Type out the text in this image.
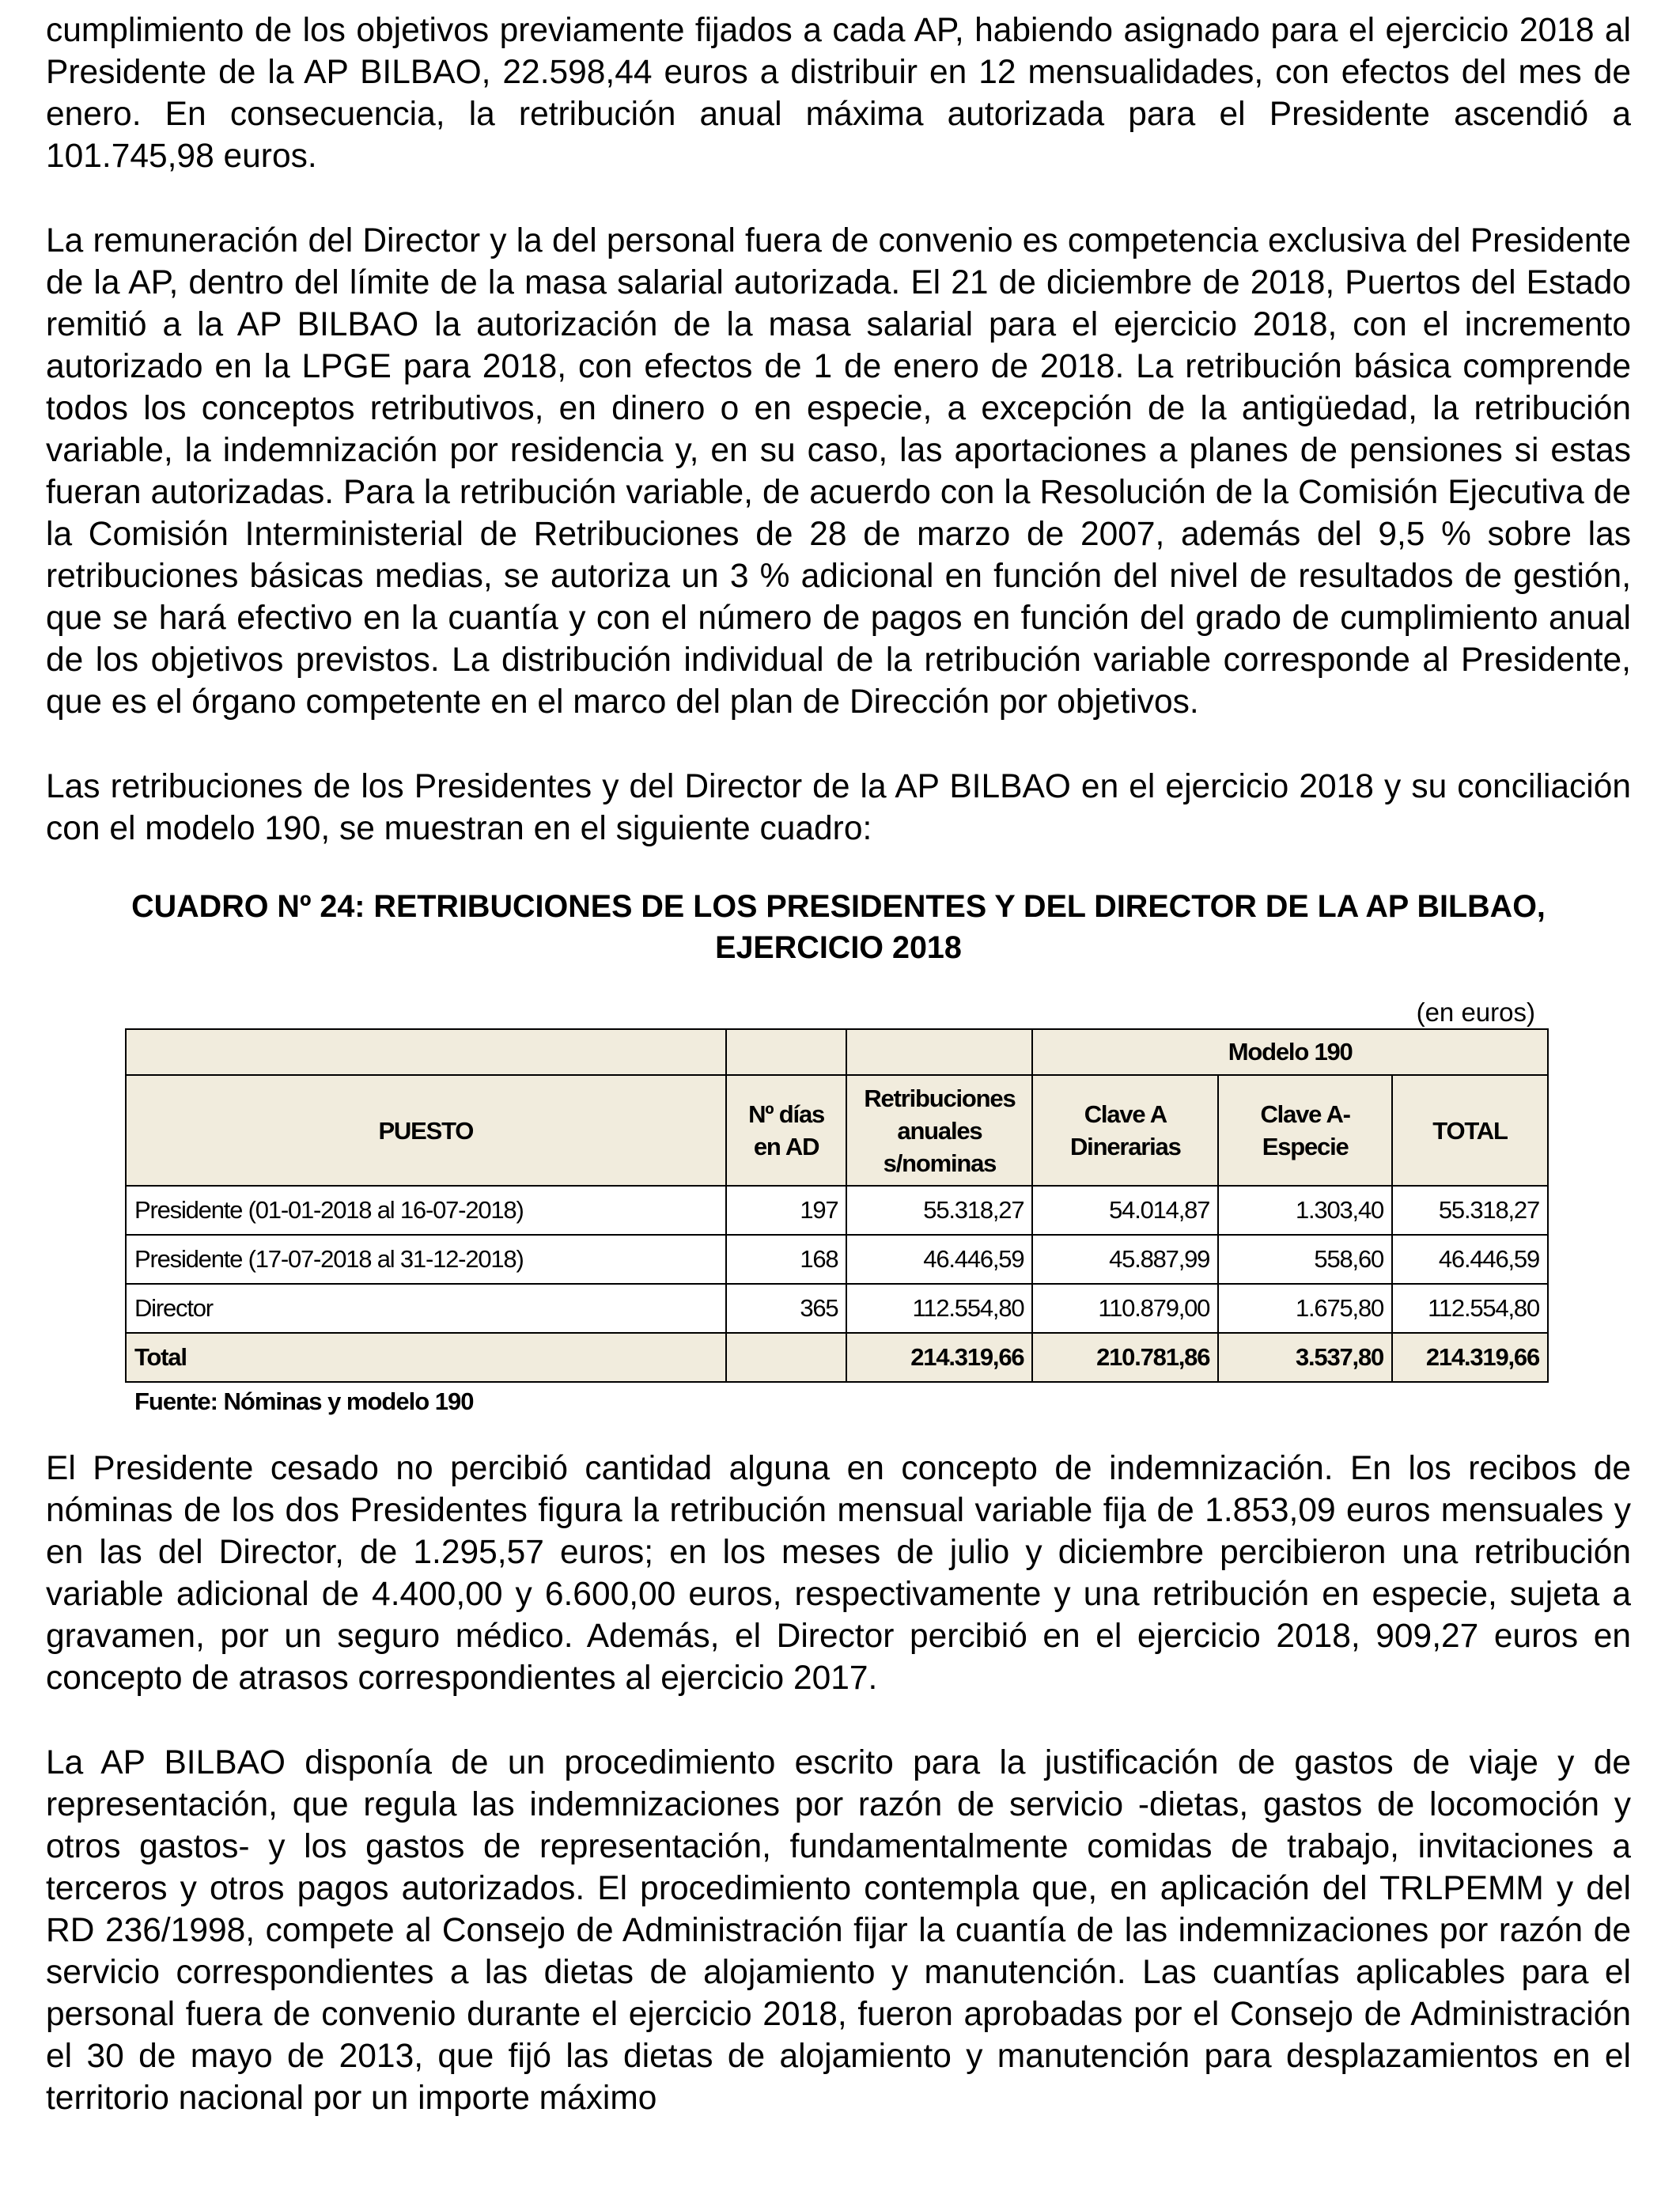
cumplimiento de los objetivos previamente fijados a cada AP, habiendo asignado para el ejercicio 2018 al Presidente de la AP BILBAO, 22.598,44 euros a distribuir en 12 mensualidades, con efectos del mes de enero. En consecuencia, la retribución anual máxima autorizada para el Presidente ascendió a 101.745,98 euros.

La remuneración del Director y la del personal fuera de convenio es competencia exclusiva del Presidente de la AP, dentro del límite de la masa salarial autorizada. El 21 de diciembre de 2018, Puertos del Estado remitió a la AP BILBAO la autorización de la masa salarial para el ejercicio 2018, con el incremento autorizado en la LPGE para 2018, con efectos de 1 de enero de 2018. La retribución básica comprende todos los conceptos retributivos, en dinero o en especie, a excepción de la antigüedad, la retribución variable, la indemnización por residencia y, en su caso, las aportaciones a planes de pensiones si estas fueran autorizadas. Para la retribución variable, de acuerdo con la Resolución de la Comisión Ejecutiva de la Comisión Interministerial de Retribuciones de 28 de marzo de 2007, además del 9,5 % sobre las retribuciones básicas medias, se autoriza un 3 % adicional en función del nivel de resultados de gestión, que se hará efectivo en la cuantía y con el número de pagos en función del grado de cumplimiento anual de los objetivos previstos. La distribución individual de la retribución variable corresponde al Presidente, que es el órgano competente en el marco del plan de Dirección por objetivos.

Las retribuciones de los Presidentes y del Director de la AP BILBAO en el ejercicio 2018 y su conciliación con el modelo 190, se muestran en el siguiente cuadro:

CUADRO Nº 24: RETRIBUCIONES DE LOS PRESIDENTES Y DEL DIRECTOR DE LA AP BILBAO, EJERCICIO 2018

(en euros)

			Modelo 190		
PUESTO	Nº días en AD	Retribuciones anuales s/nominas	Clave A Dinerarias	Clave A- Especie	TOTAL
Presidente (01-01-2018 al 16-07-2018)	197	55.318,27	54.014,87	1.303,40	55.318,27
Presidente (17-07-2018 al 31-12-2018)	168	46.446,59	45.887,99	558,60	46.446,59
Director	365	112.554,80	110.879,00	1.675,80	112.554,80
Total		214.319,66	210.781,86	3.537,80	214.319,66
Fuente: Nóminas y modelo 190

El Presidente cesado no percibió cantidad alguna en concepto de indemnización. En los recibos de nóminas de los dos Presidentes figura la retribución mensual variable fija de 1.853,09 euros mensuales y en las del Director, de 1.295,57 euros; en los meses de julio y diciembre percibieron una retribución variable adicional de 4.400,00 y 6.600,00 euros, respectivamente y una retribución en especie, sujeta a gravamen, por un seguro médico. Además, el Director percibió en el ejercicio 2018, 909,27 euros en concepto de atrasos correspondientes al ejercicio 2017.

La AP BILBAO disponía de un procedimiento escrito para la justificación de gastos de viaje y de representación, que regula las indemnizaciones por razón de servicio -dietas, gastos de locomoción y otros gastos- y los gastos de representación, fundamentalmente comidas de trabajo, invitaciones a terceros y otros pagos autorizados. El procedimiento contempla que, en aplicación del TRLPEMM y del RD 236/1998, compete al Consejo de Administración fijar la cuantía de las indemnizaciones por razón de servicio correspondientes a las dietas de alojamiento y manutención. Las cuantías aplicables para el personal fuera de convenio durante el ejercicio 2018, fueron aprobadas por el Consejo de Administración el 30 de mayo de 2013, que fijó las dietas de alojamiento y manutención para desplazamientos en el territorio nacional por un importe máximo
